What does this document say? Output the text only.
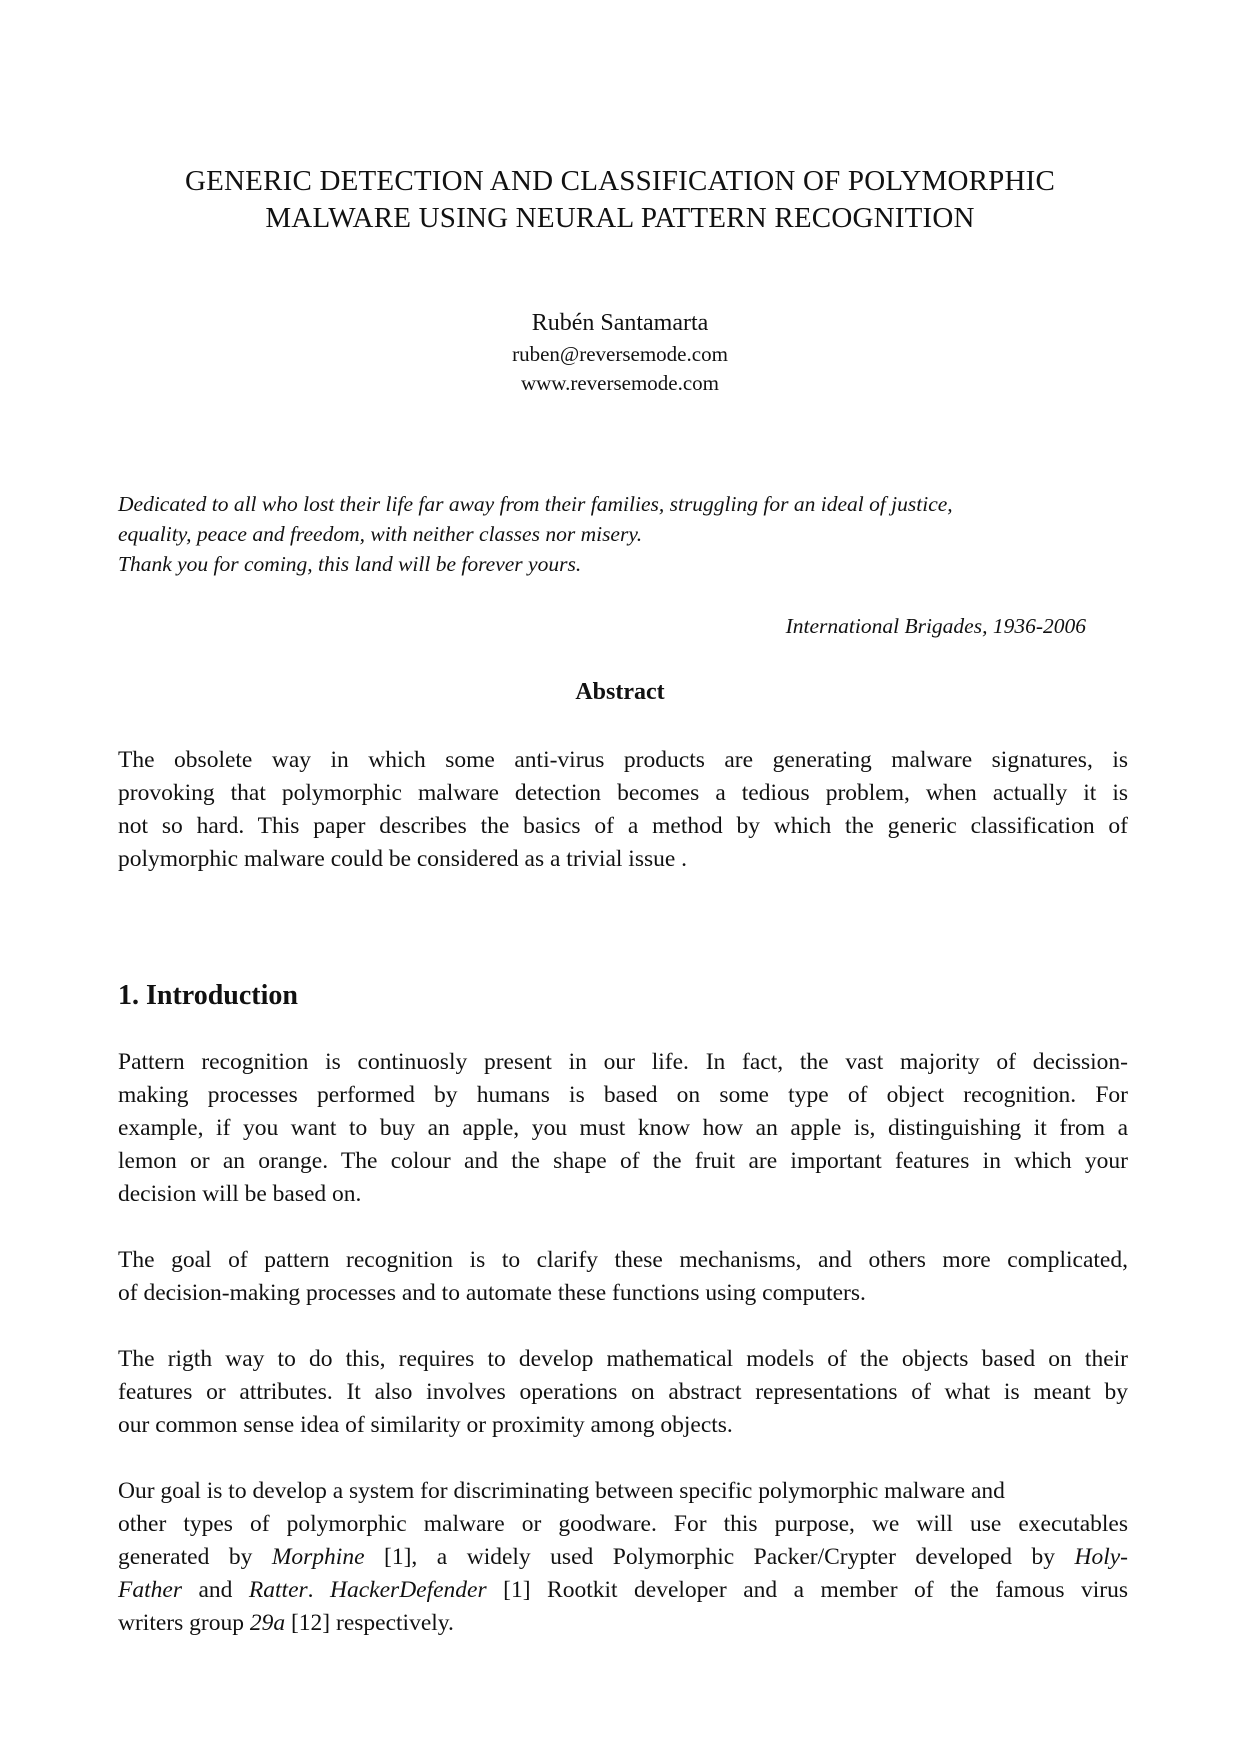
GENERIC DETECTION AND CLASSIFICATION OF POLYMORPHIC
MALWARE USING NEURAL PATTERN RECOGNITION
Rubén Santamarta
ruben@reversemode.com
www.reversemode.com
Dedicated to all who lost their life far away from their families, struggling for an ideal of justice,
equality, peace and freedom, with neither classes nor misery.
Thank you for coming, this land will be forever yours.
International Brigades, 1936-2006
Abstract
The obsolete way in which some anti-virus products are generating malware signatures, is
provoking that polymorphic malware detection becomes a tedious problem, when actually it is
not so hard. This paper describes the basics of a method by which the generic classification of
polymorphic malware could be considered as a trivial issue .
1. Introduction
Pattern recognition is continuosly present in our life. In fact, the vast majority of decission-
making processes performed by humans is based on some type of object recognition. For
example, if you want to buy an apple, you must know how an apple is, distinguishing it from a
lemon or an orange. The colour and the shape of the fruit are important features in which your
decision will be based on.
The goal of pattern recognition is to clarify these mechanisms, and others more complicated,
of decision-making processes and to automate these functions using computers.
The rigth way to do this, requires to develop mathematical models of the objects based on their
features or attributes. It also involves operations on abstract representations of what is meant by
our common sense idea of similarity or proximity among objects.
Our goal is to develop a system for discriminating between specific polymorphic malware and
other types of polymorphic malware or goodware. For this purpose, we will use executables
generated by Morphine [1], a widely used Polymorphic Packer/Crypter developed by Holy-
Father and Ratter. HackerDefender [1] Rootkit developer and a member of the famous virus
writers group 29a [12] respectively.
